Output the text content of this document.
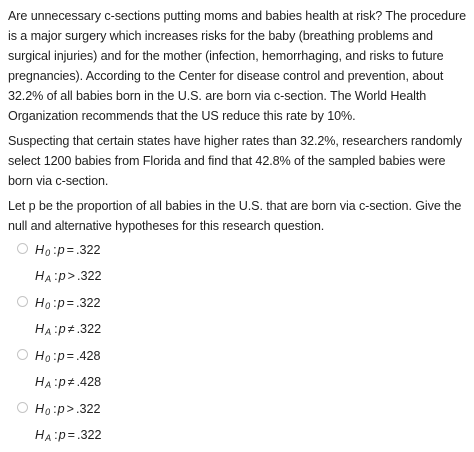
Are unnecessary c-sections putting moms and babies health at risk? The procedure is a major surgery which increases risks for the baby (breathing problems and surgical injuries) and for the mother (infection, hemorrhaging, and risks to future pregnancies). According to the Center for disease control and prevention, about 32.2% of all babies born in the U.S. are born via c-section. The World Health Organization recommends that the US reduce this rate by 10%.

Suspecting that certain states have higher rates than 32.2%, researchers randomly select 1200 babies from Florida and find that 42.8% of the sampled babies were born via c-section.

Let p be the proportion of all babies in the U.S. that are born via c-section. Give the null and alternative hypotheses for this research question.

$H_0$ :p = .322
$H_A$ :p > .322
$H_0$ :p = .322
$H_A$ :p ≠ .322
$H_0$ :p = .428
$H_A$ :p ≠ .428
$H_0$ :p > .322
$H_A$ :p = .322
